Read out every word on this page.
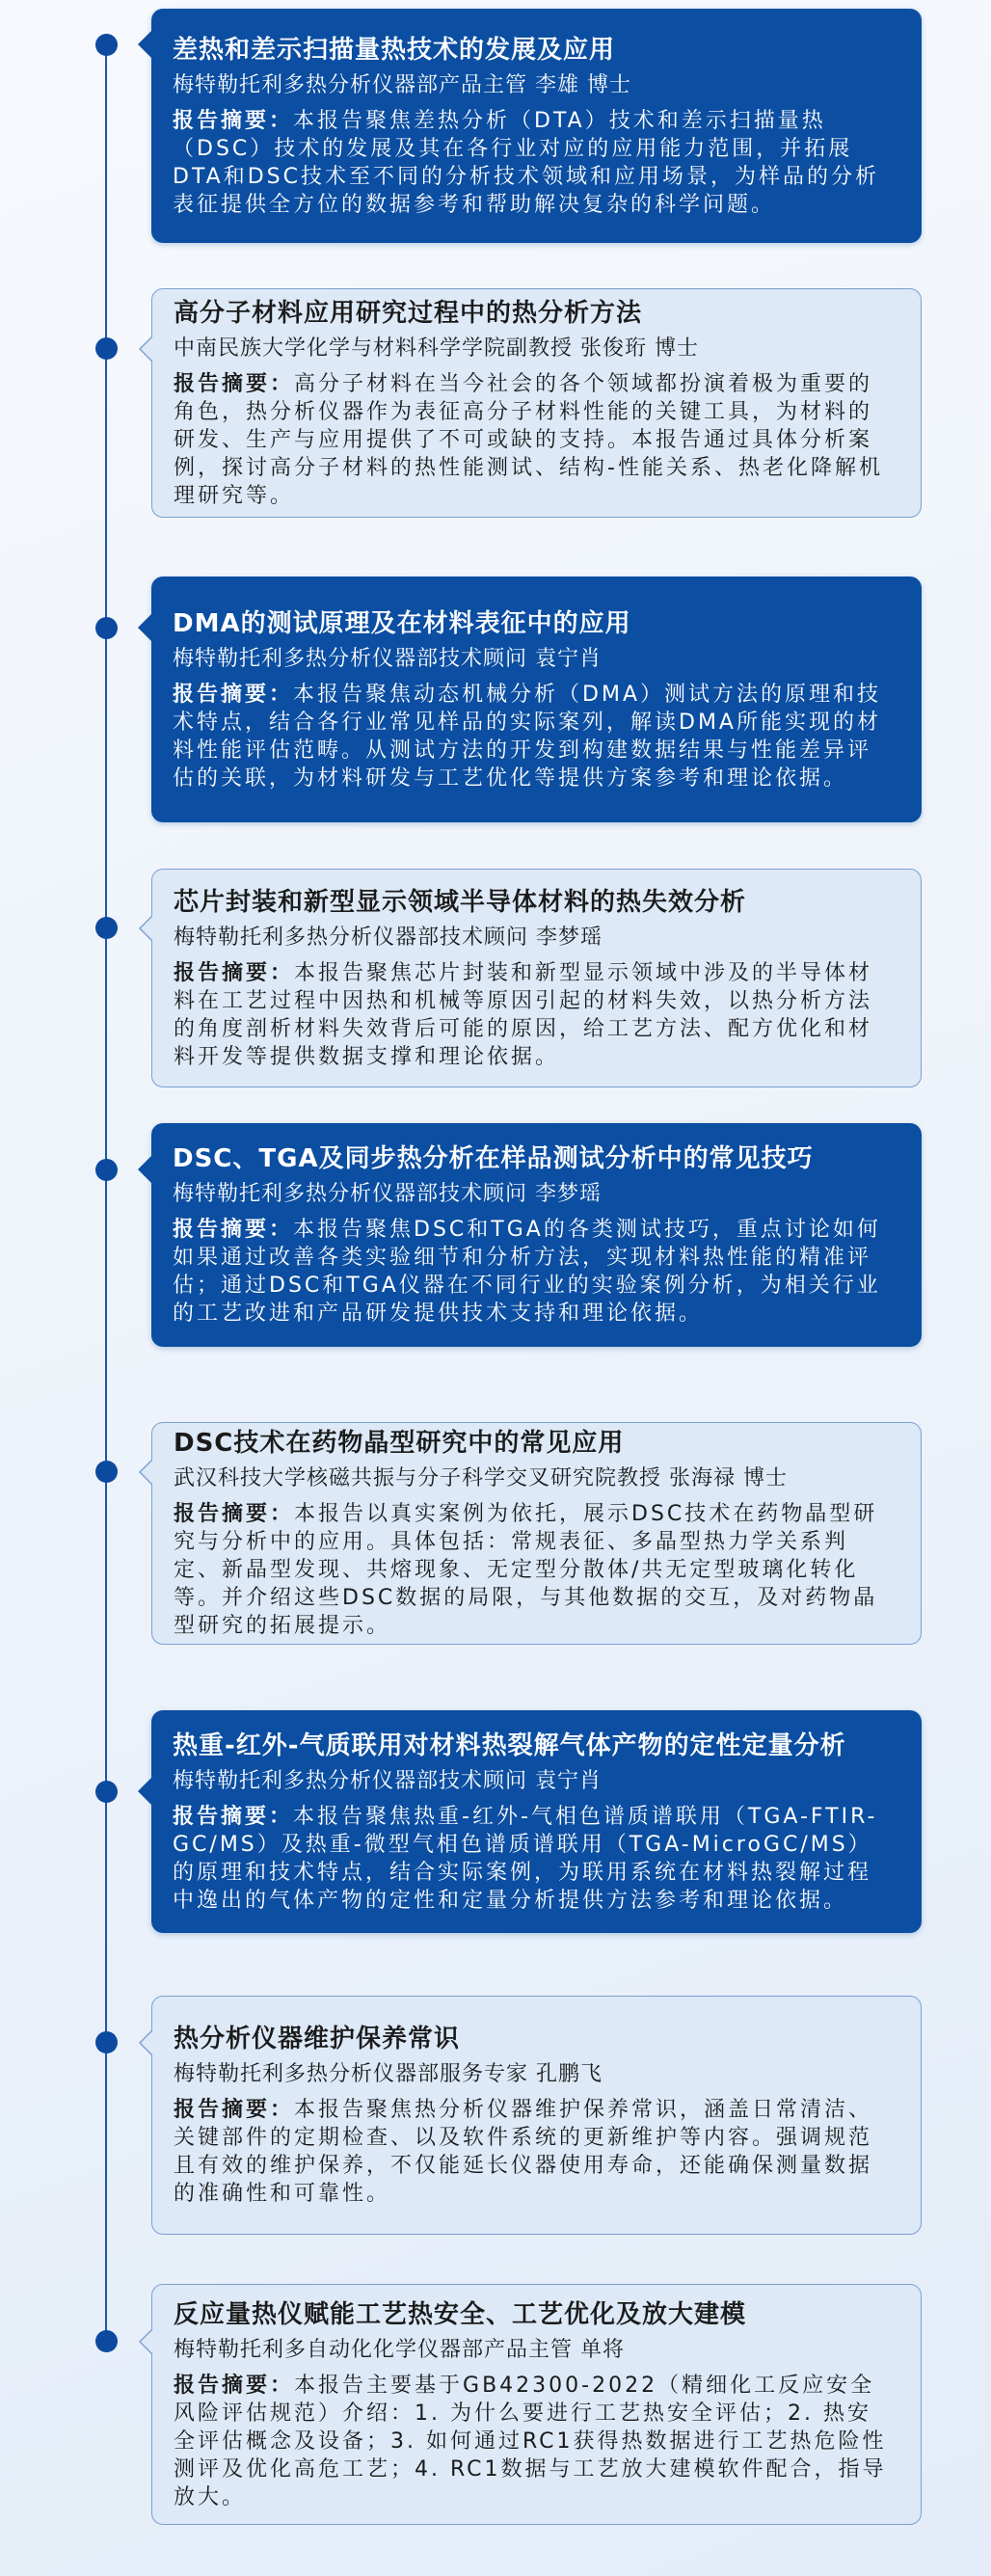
差热和差示扫描量热技术的发展及应用
梅特勒托利多热分析仪器部产品主管 李雄 博士
报告摘要：本报告聚焦差热分析（DTA）技术和差示扫描量热（DSC）技术的发展及其在各行业对应的应用能力范围，并拓展DTA和DSC技术至不同的分析技术领域和应用场景，为样品的分析表征提供全方位的数据参考和帮助解决复杂的科学问题。
高分子材料应用研究过程中的热分析方法
中南民族大学化学与材料科学学院副教授 张俊珩 博士
报告摘要：高分子材料在当今社会的各个领域都扮演着极为重要的角色，热分析仪器作为表征高分子材料性能的关键工具，为材料的研发、生产与应用提供了不可或缺的支持。本报告通过具体分析案例，探讨高分子材料的热性能测试、结构-性能关系、热老化降解机理研究等。
DMA的测试原理及在材料表征中的应用
梅特勒托利多热分析仪器部技术顾问 袁宁肖
报告摘要：本报告聚焦动态机械分析（DMA）测试方法的原理和技术特点，结合各行业常见样品的实际案列，解读DMA所能实现的材料性能评估范畴。从测试方法的开发到构建数据结果与性能差异评估的关联，为材料研发与工艺优化等提供方案参考和理论依据。
芯片封装和新型显示领域半导体材料的热失效分析
梅特勒托利多热分析仪器部技术顾问 李梦瑶
报告摘要：本报告聚焦芯片封装和新型显示领域中涉及的半导体材料在工艺过程中因热和机械等原因引起的材料失效，以热分析方法的角度剖析材料失效背后可能的原因，给工艺方法、配方优化和材料开发等提供数据支撑和理论依据。
DSC、TGA及同步热分析在样品测试分析中的常见技巧
梅特勒托利多热分析仪器部技术顾问 李梦瑶
报告摘要：本报告聚焦DSC和TGA的各类测试技巧，重点讨论如何如果通过改善各类实验细节和分析方法，实现材料热性能的精准评估；通过DSC和TGA仪器在不同行业的实验案例分析，为相关行业的工艺改进和产品研发提供技术支持和理论依据。
DSC技术在药物晶型研究中的常见应用
武汉科技大学核磁共振与分子科学交叉研究院教授 张海禄 博士
报告摘要：本报告以真实案例为依托，展示DSC技术在药物晶型研究与分析中的应用。具体包括：常规表征、多晶型热力学关系判定、新晶型发现、共熔现象、无定型分散体/共无定型玻璃化转化等。并介绍这些DSC数据的局限，与其他数据的交互，及对药物晶型研究的拓展提示。
热重-红外-气质联用对材料热裂解气体产物的定性定量分析
梅特勒托利多热分析仪器部技术顾问 袁宁肖
报告摘要：本报告聚焦热重-红外-气相色谱质谱联用（TGA-FTIR-GC/MS）及热重-微型气相色谱质谱联用（TGA-MicroGC/MS）的原理和技术特点，结合实际案例，为联用系统在材料热裂解过程中逸出的气体产物的定性和定量分析提供方法参考和理论依据。
热分析仪器维护保养常识
梅特勒托利多热分析仪器部服务专家 孔鹏飞
报告摘要：本报告聚焦热分析仪器维护保养常识，涵盖日常清洁、关键部件的定期检查、以及软件系统的更新维护等内容。强调规范且有效的维护保养，不仅能延长仪器使用寿命，还能确保测量数据的准确性和可靠性。
反应量热仪赋能工艺热安全、工艺优化及放大建模
梅特勒托利多自动化化学仪器部产品主管 单将
报告摘要：本报告主要基于GB42300-2022（精细化工反应安全风险评估规范）介绍：1. 为什么要进行工艺热安全评估；2. 热安全评估概念及设备；3. 如何通过RC1获得热数据进行工艺热危险性测评及优化高危工艺；4. RC1数据与工艺放大建模软件配合，指导放大。
